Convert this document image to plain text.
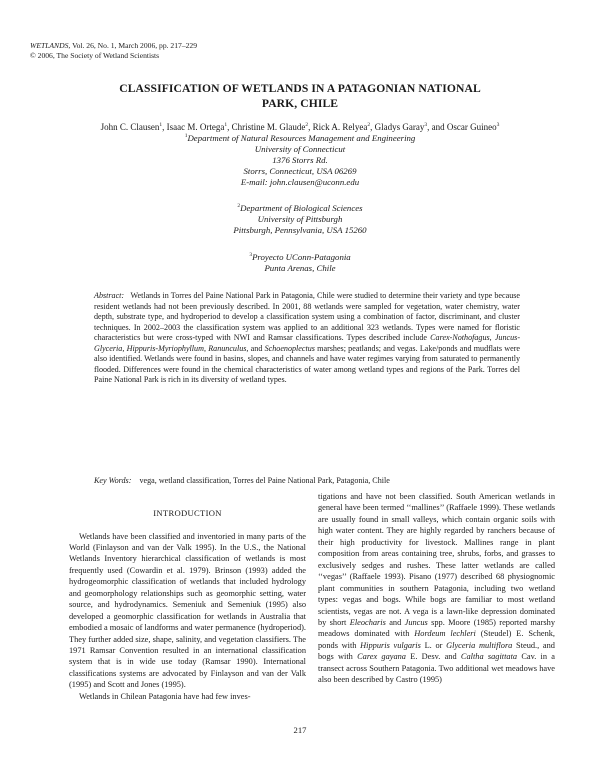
WETLANDS, Vol. 26, No. 1, March 2006, pp. 217–229
© 2006, The Society of Wetland Scientists
CLASSIFICATION OF WETLANDS IN A PATAGONIAN NATIONAL
PARK, CHILE
John C. Clausen$^1$, Isaac M. Ortega$^1$, Christine M. Glaude$^2$, Rick A. Relyea$^2$, Gladys Garay$^3$, and Oscar Guineo$^3$
$^1$Department of Natural Resources Management and Engineering
University of Connecticut
1376 Storrs Rd.
Storrs, Connecticut, USA 06269
E-mail: john.clausen@uconn.edu
$^2$Department of Biological Sciences
University of Pittsburgh
Pittsburgh, Pennsylvania, USA 15260
$^3$Proyecto UConn-Patagonia
Punta Arenas, Chile
Abstract: Wetlands in Torres del Paine National Park in Patagonia, Chile were studied to determine their variety and type because resident wetlands had not been previously described. In 2001, 88 wetlands were sampled for vegetation, water chemistry, water depth, substrate type, and hydroperiod to develop a classification system using a combination of factor, discriminant, and cluster techniques. In 2002–2003 the classification system was applied to an additional 323 wetlands. Types were named for floristic characteristics but were cross-typed with NWI and Ramsar classifications. Types described include Carex-Nothofagus, Juncus-Glyceria, Hippuris-Myriophyllum, Ranunculus, and Schoenoplectus marshes; peatlands; and vegas. Lake/ponds and mudflats were also identified. Wetlands were found in basins, slopes, and channels and have water regimes varying from saturated to permanently flooded. Differences were found in the chemical characteristics of water among wetland types and regions of the Park. Torres del Paine National Park is rich in its diversity of wetland types.
Key Words: vega, wetland classification, Torres del Paine National Park, Patagonia, Chile
INTRODUCTION

Wetlands have been classified and inventoried in many parts of the World (Finlayson and van der Valk 1995). In the U.S., the National Wetlands Inventory hierarchical classification of wetlands is most frequently used (Cowardin et al. 1979). Brinson (1993) added the hydrogeomorphic classification of wetlands that included hydrology and geomorphology relationships such as geomorphic setting, water source, and hydrodynamics. Semeniuk and Semeniuk (1995) also developed a geomorphic classification for wetlands in Australia that embodied a mosaic of landforms and water permanence (hydroperiod). They further added size, shape, salinity, and vegetation classifiers. The 1971 Ramsar Convention resulted in an international classification system that is in wide use today (Ramsar 1990). International classifications systems are advocated by Finlayson and van der Valk (1995) and Scott and Jones (1995).

Wetlands in Chilean Patagonia have had few inves-

tigations and have not been classified. South American wetlands in general have been termed ‘‘mallines’’ (Raffaele 1999). These wetlands are usually found in small valleys, which contain organic soils with high water content. They are highly regarded by ranchers because of their high productivity for livestock. Mallines range in plant composition from areas containing tree, shrubs, forbs, and grasses to exclusively sedges and rushes. These latter wetlands are called ‘‘vegas’’ (Raffaele 1993). Pisano (1977) described 68 physiognomic plant communities in southern Patagonia, including two wetland types: vegas and bogs. While bogs are familiar to most wetland scientists, vegas are not. A vega is a lawn-like depression dominated by short Eleocharis and Juncus spp. Moore (1985) reported marshy meadows dominated with Hordeum lechleri (Steudel) E. Schenk, ponds with Hippuris vulgaris L. or Glyceria multiflora Steud., and bogs with Carex gayana E. Desv. and Caltha sagittata Cav. in a transect across Southern Patagonia. Two additional wet meadows have also been described by Castro (1995)

217
